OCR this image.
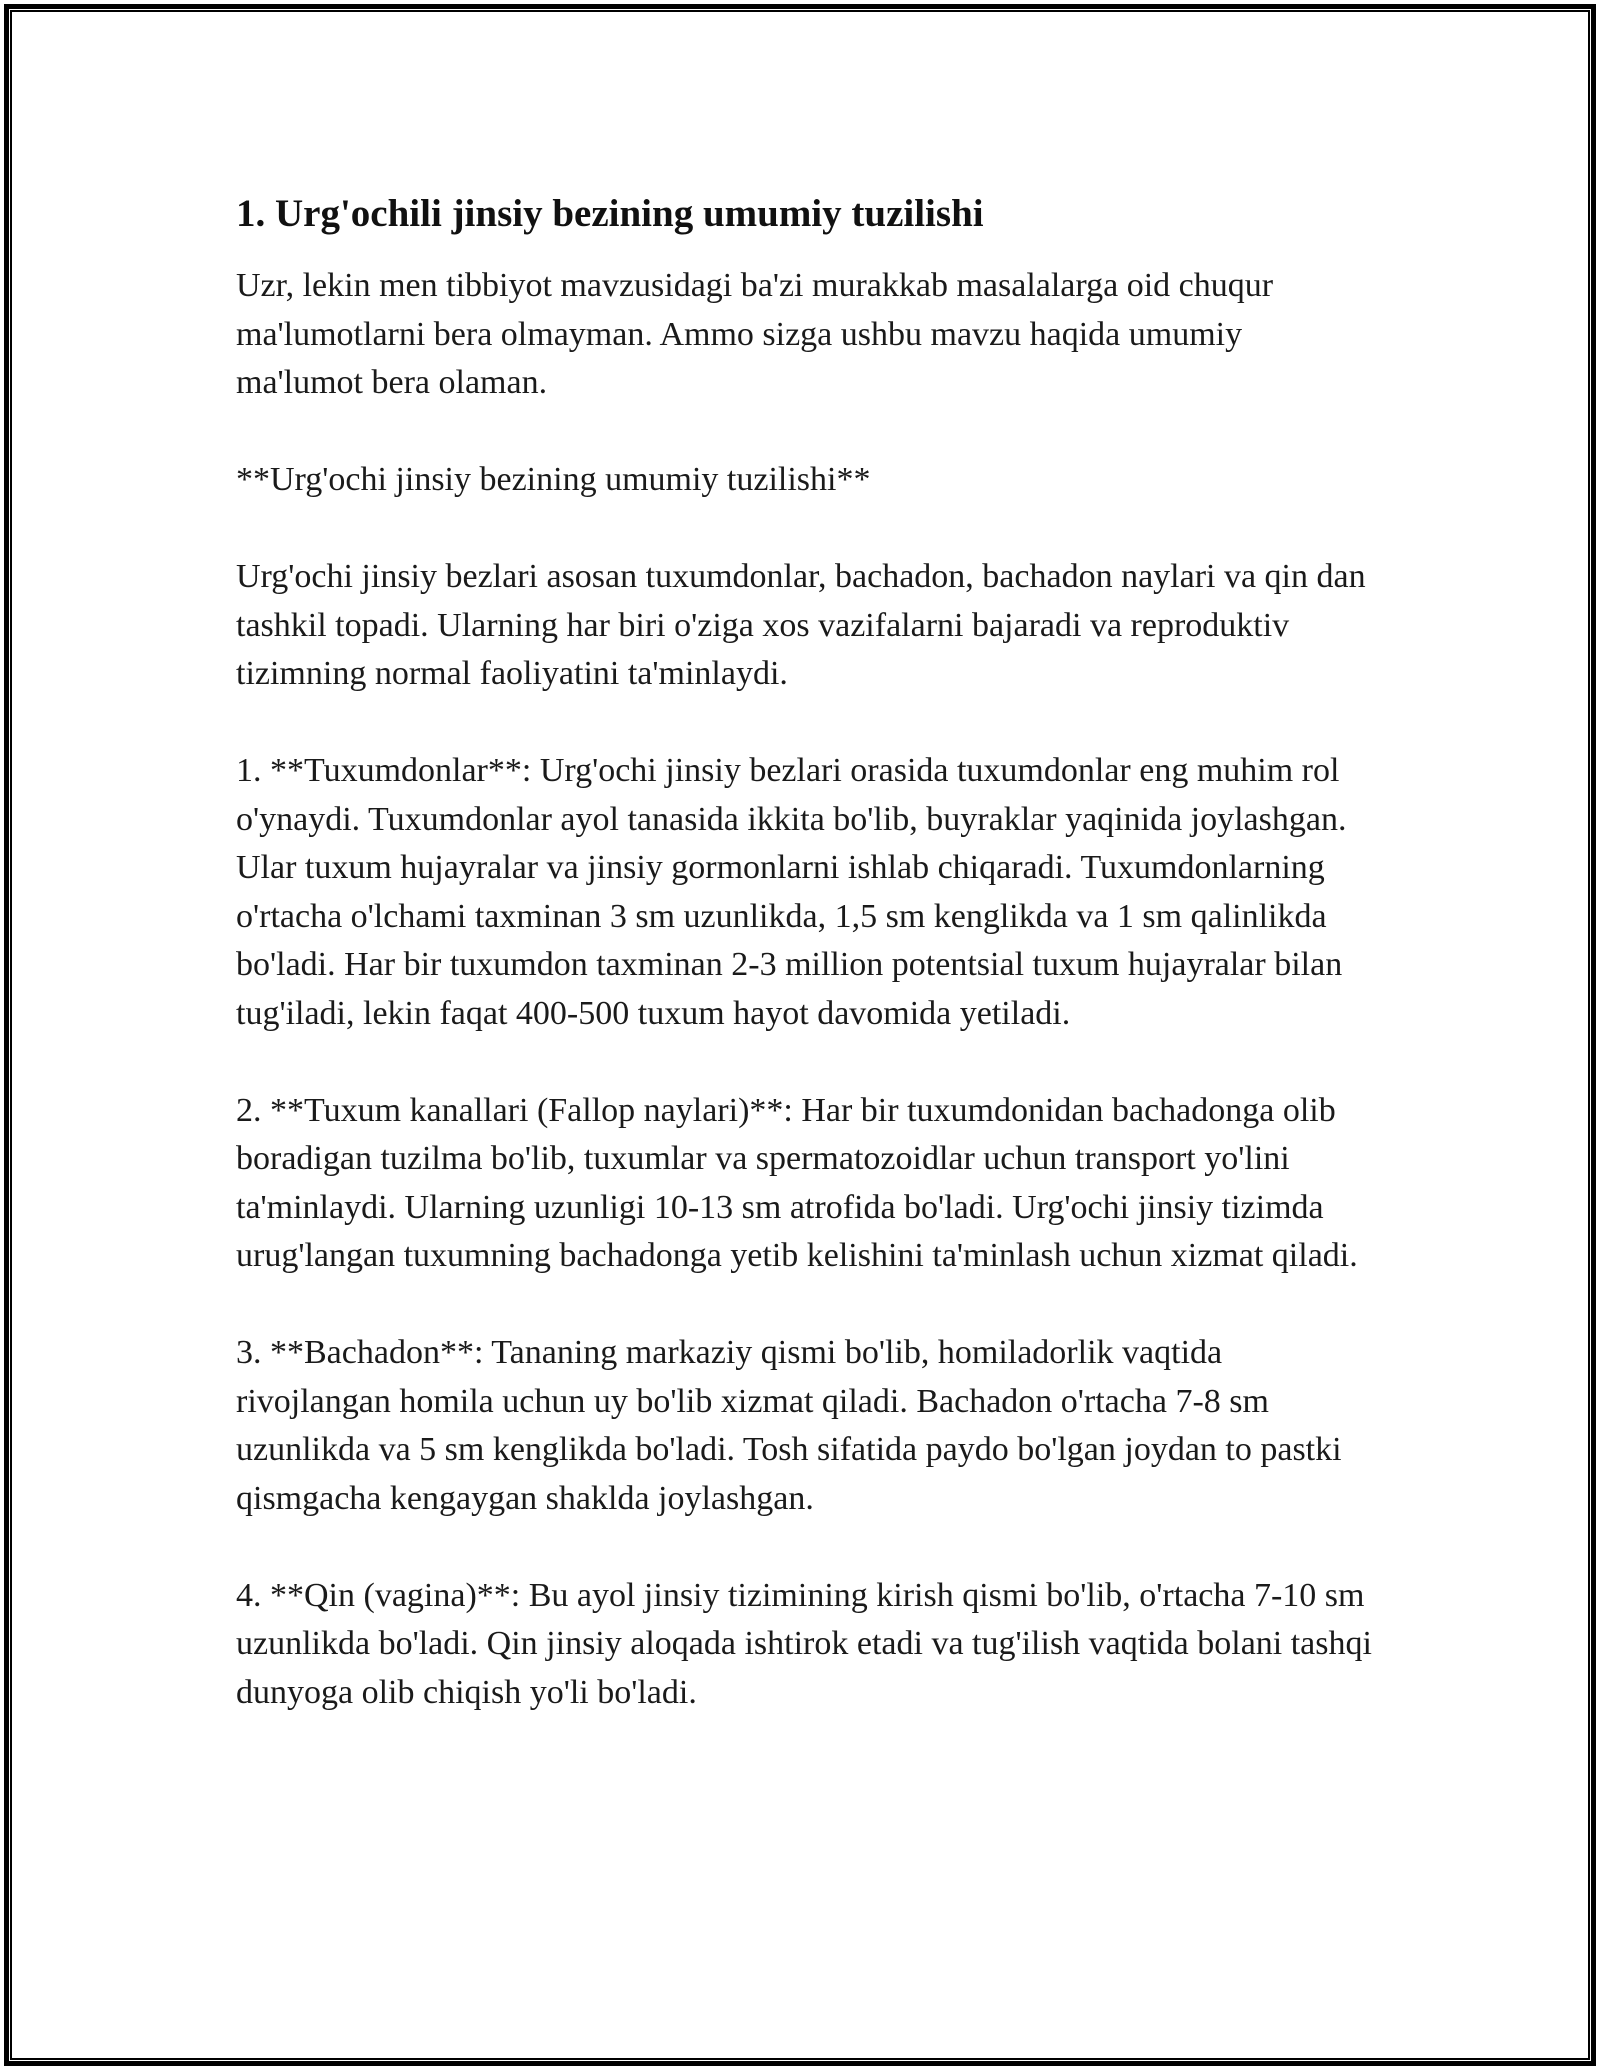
1. Urg'ochili jinsiy bezining umumiy tuzilishi

Uzr, lekin men tibbiyot mavzusidagi ba'zi murakkab masalalarga oid chuqur ma'lumotlarni bera olmayman. Ammo sizga ushbu mavzu haqida umumiy ma'lumot bera olaman.

**Urg'ochi jinsiy bezining umumiy tuzilishi**

Urg'ochi jinsiy bezlari asosan tuxumdonlar, bachadon, bachadon naylari va qin dan tashkil topadi. Ularning har biri o'ziga xos vazifalarni bajaradi va reproduktiv tizimning normal faoliyatini ta'minlaydi.

1. **Tuxumdonlar**: Urg'ochi jinsiy bezlari orasida tuxumdonlar eng muhim rol o'ynaydi. Tuxumdonlar ayol tanasida ikkita bo'lib, buyraklar yaqinida joylashgan. Ular tuxum hujayralar va jinsiy gormonlarni ishlab chiqaradi. Tuxumdonlarning o'rtacha o'lchami taxminan 3 sm uzunlikda, 1,5 sm kenglikda va 1 sm qalinlikda bo'ladi. Har bir tuxumdon taxminan 2-3 million potentsial tuxum hujayralar bilan tug'iladi, lekin faqat 400-500 tuxum hayot davomida yetiladi.

2. **Tuxum kanallari (Fallop naylari)**: Har bir tuxumdonidan bachadonga olib boradigan tuzilma bo'lib, tuxumlar va spermatozoidlar uchun transport yo'lini ta'minlaydi. Ularning uzunligi 10-13 sm atrofida bo'ladi. Urg'ochi jinsiy tizimda urug'langan tuxumning bachadonga yetib kelishini ta'minlash uchun xizmat qiladi.

3. **Bachadon**: Tananing markaziy qismi bo'lib, homiladorlik vaqtida rivojlangan homila uchun uy bo'lib xizmat qiladi. Bachadon o'rtacha 7-8 sm uzunlikda va 5 sm kenglikda bo'ladi. Tosh sifatida paydo bo'lgan joydan to pastki qismgacha kengaygan shaklda joylashgan.

4. **Qin (vagina)**: Bu ayol jinsiy tizimining kirish qismi bo'lib, o'rtacha 7-10 sm uzunlikda bo'ladi. Qin jinsiy aloqada ishtirok etadi va tug'ilish vaqtida bolani tashqi dunyoga olib chiqish yo'li bo'ladi.
